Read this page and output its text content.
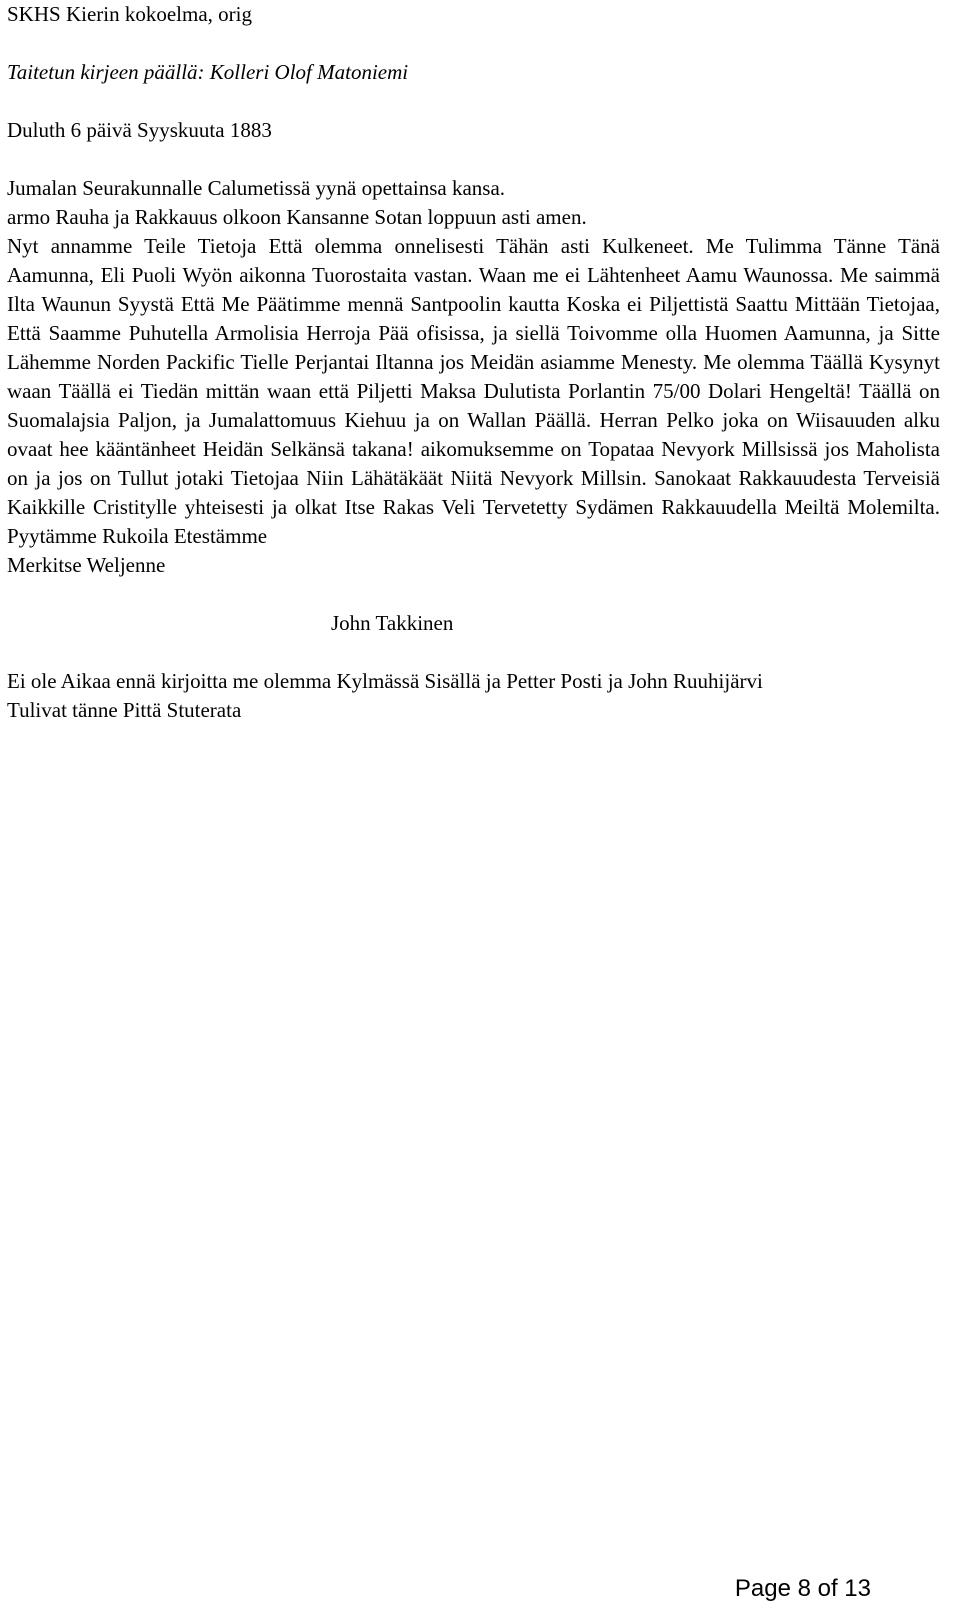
SKHS Kierin kokoelma, orig
Taitetun kirjeen päällä: Kolleri Olof Matoniemi
Duluth 6 päivä Syyskuuta 1883
Jumalan Seurakunnalle Calumetissä yynä opettainsa kansa.
armo Rauha ja Rakkauus olkoon Kansanne Sotan loppuun asti amen.

Nyt annamme Teile Tietoja Että olemma onnelisesti Tähän asti Kulkeneet. Me Tulimma Tänne Tänä Aamunna, Eli Puoli Wyön aikonna Tuorostaita vastan. Waan me ei Lähtenheet Aamu Waunossa. Me saimmä Ilta Waunun Syystä Että Me Päätimme mennä Santpoolin kautta Koska ei Piljettistä Saattu Mittään Tietojaa, Että Saamme Puhutella Armolisia Herroja Pää ofisissa, ja siellä Toivomme olla Huomen Aamunna, ja Sitte Lähemme Norden Packific Tielle Perjantai Iltanna jos Meidän asiamme Menesty. Me olemma Täällä Kysynyt waan Täällä ei Tiedän mittän waan että Piljetti Maksa Dulutista Porlantin 75/00 Dolari Hengeltä! Täällä on Suomalajsia Paljon, ja Jumalattomuus Kiehuu ja on Wallan Päällä. Herran Pelko joka on Wiisauuden alku ovaat hee kääntänheet Heidän Selkänsä takana! aikomuksemme on Topataa Nevyork Millsissä jos Maholista on ja jos on Tullut jotaki Tietojaa Niin Lähätäkäät Niitä Nevyork Millsin. Sanokaat Rakkauudesta Terveisiä Kaikkille Cristitylle yhteisesti ja olkat Itse Rakas Veli Tervetetty Sydämen Rakkauudella Meiltä Molemilta. Pyytämme Rukoila Etestämme

Merkitse Weljenne
John Takkinen
Ei ole Aikaa ennä kirjoitta me olemma Kylmässä Sisällä ja Petter Posti ja John Ruuhijärvi
Tulivat tänne Pittä Stuterata
Page 8 of 13
